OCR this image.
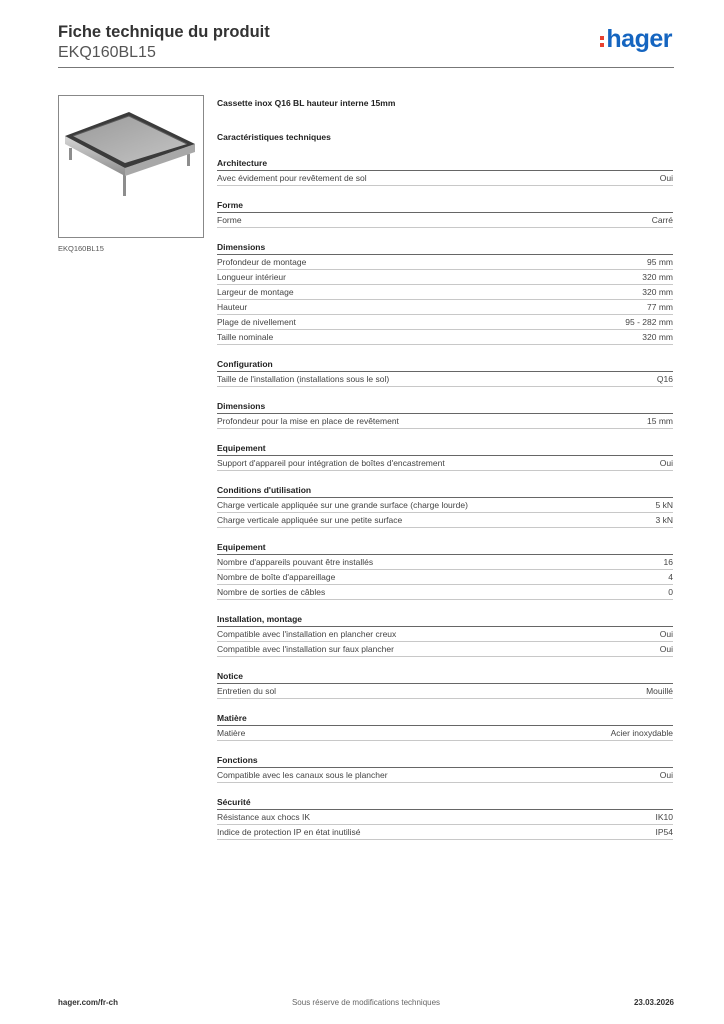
Fiche technique du produit
EKQ160BL15	hager
EKQ160BL15
Cassette inox Q16 BL hauteur interne 15mm
Caractéristiques techniques
Architecture
Avec évidement pour revêtement de sol	Oui
Forme
Forme	Carré
Dimensions
Profondeur de montage	95 mm
Longueur intérieur	320 mm
Largeur de montage	320 mm
Hauteur	77 mm
Plage de nivellement	95 - 282 mm
Taille nominale	320 mm
Configuration
Taille de l'installation (installations sous le sol)	Q16
Dimensions
Profondeur pour la mise en place de revêtement	15 mm
Equipement
Support d'appareil pour intégration de boîtes d'encastrement	Oui
Conditions d'utilisation
Charge verticale appliquée sur une grande surface (charge lourde)	5 kN
Charge verticale appliquée sur une petite surface	3 kN
Equipement
Nombre d'appareils pouvant être installés	16
Nombre de boîte d'appareillage	4
Nombre de sorties de câbles	0
Installation, montage
Compatible avec l'installation en plancher creux	Oui
Compatible avec l'installation sur faux plancher	Oui
Notice
Entretien du sol	Mouillé
Matière
Matière	Acier inoxydable
Fonctions
Compatible avec les canaux sous le plancher	Oui
Sécurité
Résistance aux chocs IK	IK10
Indice de protection IP en état inutilisé	IP54
hager.com/fr-ch	Sous réserve de modifications techniques	23.03.2026
